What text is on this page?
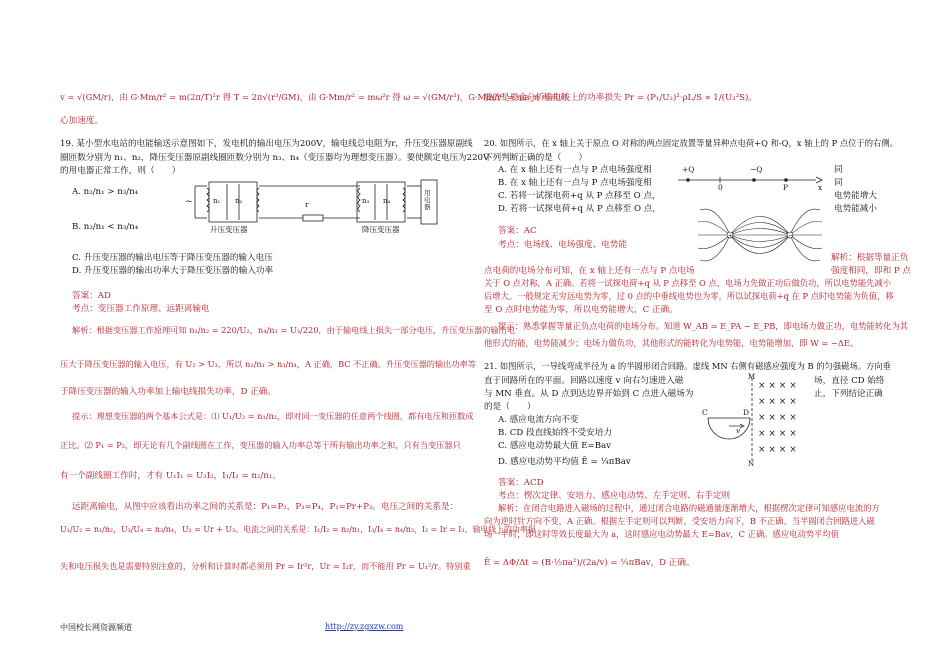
v = √(GM/r)，由 G·Mm/r² = m(2π/T)²r 得 T = 2π√(r³/GM)，由 G·Mm/r² = mω²r 得 ω = √(GM/r³)，G·Mm/r² = ma_n 可求向
心加速度。
19. 某小型水电站的电能输送示意图如下，发电机的输出电压为200V，输电线总电阻为r，升压变压器原副线
圈匝数分别为 n₁、n₂，降压变压器原副线圈匝数分别为 n₃、n₄（变压器均为理想变压器）。要使额定电压为220V
的用电器正常工作，则（　　）
A. n₂/n₁ > n₃/n₄
B. n₂/n₁ < n₃/n₄
~	n₁ n₂	n₃ n₄
r
用电器
升压变压器	降压变压器
C. 升压变压器的输出电压等于降压变压器的输入电压
D. 升压变压器的输出功率大于降压变压器的输入功率
答案：AD
考点：变压器工作原理、远距离输电
解析：根据变压器工作原理可知 n₁/n₂ = 220/U₂，n₄/n₃ = U₃/220，由于输电线上损失一部分电压，升压变压器的输出电
压大于降压变压器的输入电压，有 U₂ > U₃，所以 n₂/n₁ > n₃/n₄，A 正确，BC 不正确。升压变压器的输出功率等
于降压变压器的输入功率加上输电线损失功率，D 正确。
提示：理想变压器的两个基本公式是：⑴ U₁/U₂ = n₁/n₂，即对同一变压器的任意两个线圈，都有电压和匝数成
正比。⑵ P₁ = P₂，即无论有几个副线圈在工作，变压器的输入功率总等于所有输出功率之和，只有当变压器只
有一个副线圈工作时，才有 U₁I₁ = U₂I₂，I₁/I₂ = n₂/n₁。
远距离输电，从图中应该看出功率之间的关系是：P₁=P₂，P₃=P₄，P₁=Pr+P₃。电压之间的关系是：
U₁/U₂ = n₁/n₂，U₃/U₄ = n₃/n₄，U₂ = Ur + U₃。电流之间的关系是：I₁/I₂ = n₂/n₁，I₃/I₄ = n₄/n₃，I₂ = Ir = I₃。输电线上的功率损
失和电压损失也是需要特别注意的，分析和计算时都必须用 Pr = Ir²r，Ur = I₂r，而不能用 Pr = U₁²/r。特别重
要的是要会分析输电线上的功率损失 Pr = (P₁/U₂)²·ρL/S ∝ 1/(U₂²S)。
20. 如图所示，在 x 轴上关于原点 O 对称的两点固定放置等量异种点电荷+Q 和-Q，x 轴上的 P 点位于的右侧。
下列判断正确的是（　　）
A. 在 x 轴上还有一点与 P 点电场强度相
B. 在 x 轴上还有一点与 P 点电场强度相
C. 若将一试探电荷+q 从 P 点移至 O 点，
D. 若将一试探电荷+q 从 P 点移至 O 点，
同
同
电势能增大
电势能减小
+Q	−Q
0	P	x
+	−
答案：AC
考点：电场线、电场强度、电势能
解析：根据等量正负
强度相同，即和 P 点
点电荷的电场分布可知，在 x 轴上还有一点与 P 点电场
关于 O 点对称，A 正确。若将一试探电荷+q 从 P 点移至 O 点，电场力先做正功后做负功，所以电势能先减小
后增大。一般规定无穷远电势为零，过 0 点的中垂线电势也为零，所以试探电荷+q 在 P 点时电势能为负值，移
至 O 点时电势能为零，所以电势能增大，C 正确。
提示：熟悉掌握等量正负点电荷的电场分布。知道 W_AB = E_PA − E_PB，即电场力做正功，电势能转化为其
他形式的能，电势能减少；电场力做负功，其他形式的能转化为电势能，电势能增加，即 W = −ΔE。
21. 如图所示，一导线弯成半径为 a 的半圆形闭合回路。虚线 MN 右侧有磁感应强度为 B 的匀强磁场。方向垂
直于回路所在的平面。回路以速度 v 向右匀速进入磁	场，直径 CD 始络
与 MN 垂直。从 D 点到达边界开始到 C 点进入磁场为	止，下列结论正确
的是（　　）
A. 感应电流方向不变
B. CD 段直线始终不受安培力
C. 感应电动势最大值 E=Bav
D. 感应电动势平均值 Ē = ¼πBav
× × × ×
× × × ×
× × × ×
× × × ×
× × × ×
M
N
C	D
v
答案：ACD
考点：楞次定律、安培力、感应电动势、左手定则、右手定则
解析：在闭合电路进入磁场的过程中，通过闭合电路的磁通量逐渐增大，根据楞次定律可知感应电流的方
向为逆时针方向不变，A 正确。根据左手定则可以判断，受安培力向下，B 不正确。当半圆闭合回路进入磁
场一半时，即这时等效长度最大为 a，这时感应电动势最大 E=Bav，C 正确。感应电动势平均值
Ē = ΔΦ/Δt = (B·½πa²)/(2a/v) = ¼πBav，D 正确。
中国校长网资源频道	http://zy.zgxzw.com
